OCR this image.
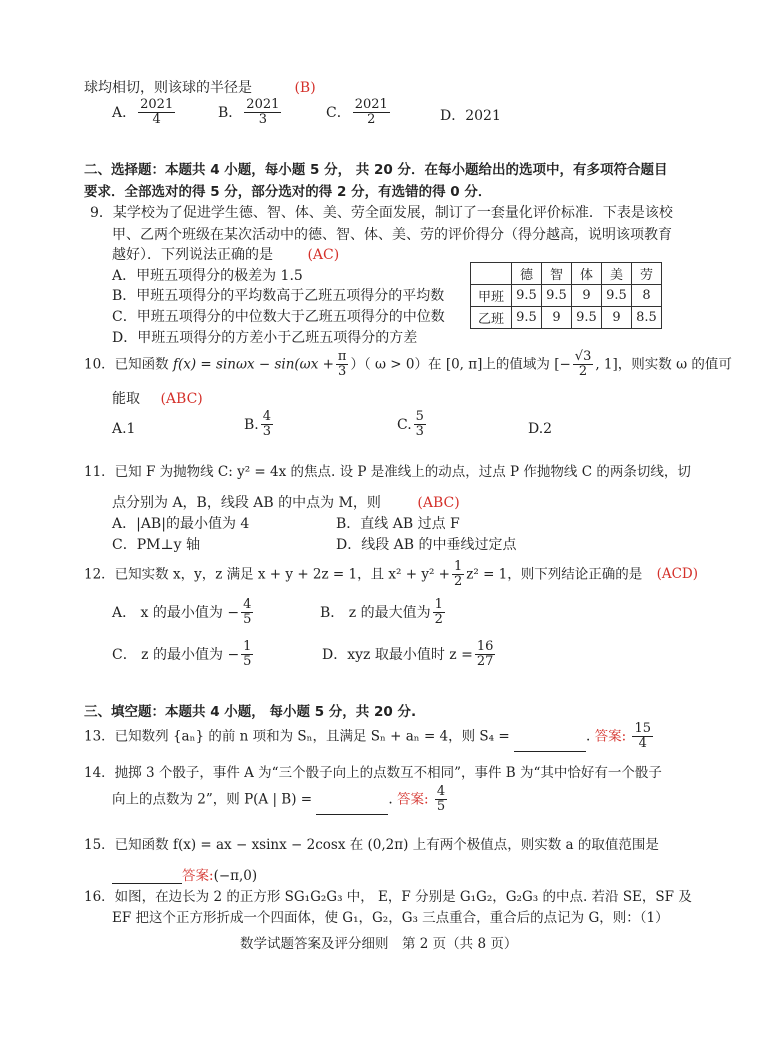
球均相切，则该球的半径是	(B)
A． $\frac{2021}{4}$	B． $\frac{2021}{3}$	C． $\frac{2021}{2}$	D．2021
二、选择题：本题共 4 小题，每小题 5 分， 共 20 分．在每小题给出的选项中，有多项符合题目
要求．全部选对的得 5 分，部分选对的得 2 分，有选错的得 0 分．
9．某学校为了促进学生德、智、体、美、劳全面发展，制订了一套量化评价标准．下表是该校
甲、乙两个班级在某次活动中的德、智、体、美、劳的评价得分（得分越高，说明该项教育
越好）．下列说法正确的是 (AC)
A．甲班五项得分的极差为 1.5
B．甲班五项得分的平均数高于乙班五项得分的平均数
C．甲班五项得分的中位数大于乙班五项得分的中位数
D．甲班五项得分的方差小于乙班五项得分的方差
	德	智	体	美	劳
甲班	9.5	9.5	9	9.5	8
乙班	9.5	9	9.5	9	8.5
10．已知函数 $f(x) = \sin\omega x - \sin(\omega x + \frac{\pi}{3}$ ）（ ω > 0）在 [0, π]上的值域为 [− $\frac{√3}{2}$ , 1]，则实数 ω 的值可
能取 (ABC)
A.1	B. $\frac{4}{3}$	C. $\frac{5}{3}$	D.2
11．已知 F 为抛物线 C: y² = 4x 的焦点. 设 P 是准线上的动点，过点 P 作抛物线 C 的两条切线，切
点分别为 A，B，线段 AB 的中点为 M，则	(ABC)
A．|AB|的最小值为 4	B．直线 AB 过点 F
C．PM⊥y 轴	D．线段 AB 的中垂线过定点
12．已知实数 x，y，z 满足 x + y + 2z = 1，且 $x^2 + y^2 + \frac{1}{2} z^2 = 1$，则下列结论正确的是 (ACD)
A． x 的最小值为 − $\frac{4}{5}$	B． z 的最大值为 $\frac{1}{2}$
C． z 的最小值为 − $\frac{1}{5}$	D．xyz 取最小值时 $z = \frac{16}{27}$
三、填空题：本题共 4 小题， 每小题 5 分，共 20 分.
13．已知数列 {aₙ} 的前 n 项和为 Sₙ，且满足 Sₙ + aₙ = 4，则 S₄ =	. 答案: $\frac{15}{4}$
14．抛掷 3 个骰子，事件 A 为“三个骰子向上的点数互不相同”，事件 B 为“其中恰好有一个骰子
向上的点数为 2”，则 P(A | B) =	. 答案: $\frac{4}{5}$
15．已知函数 f(x) = ax − xsinx − 2cosx 在 (0,2π) 上有两个极值点，则实数 a 的取值范围是
答案:(−π,0)
16．如图，在边长为 2 的正方形 SG₁G₂G₃ 中， E，F 分别是 G₁G₂，G₂G₃ 的中点. 若沿 SE，SF 及
EF 把这个正方形折成一个四面体，使 G₁，G₂，G₃ 三点重合，重合后的点记为 G，则：（1）
数学试题答案及评分细则　第 2 页（共 8 页）
